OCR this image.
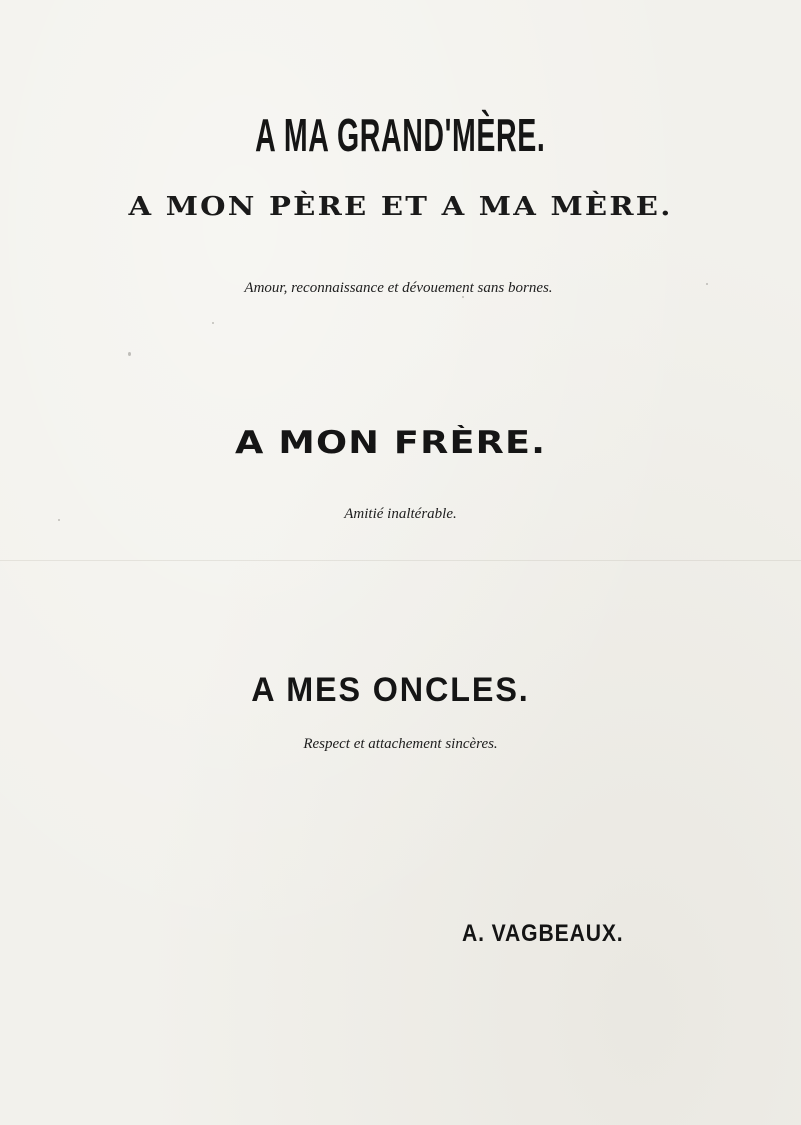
A MA GRAND'MÈRE.
A MON PÈRE ET A MA MÈRE.
Amour, reconnaissance et dévouement sans bornes.
A MON FRÈRE.
Amitié inaltérable.
A MES ONCLES.
Respect et attachement sincères.
A. VAGBEAUX.
